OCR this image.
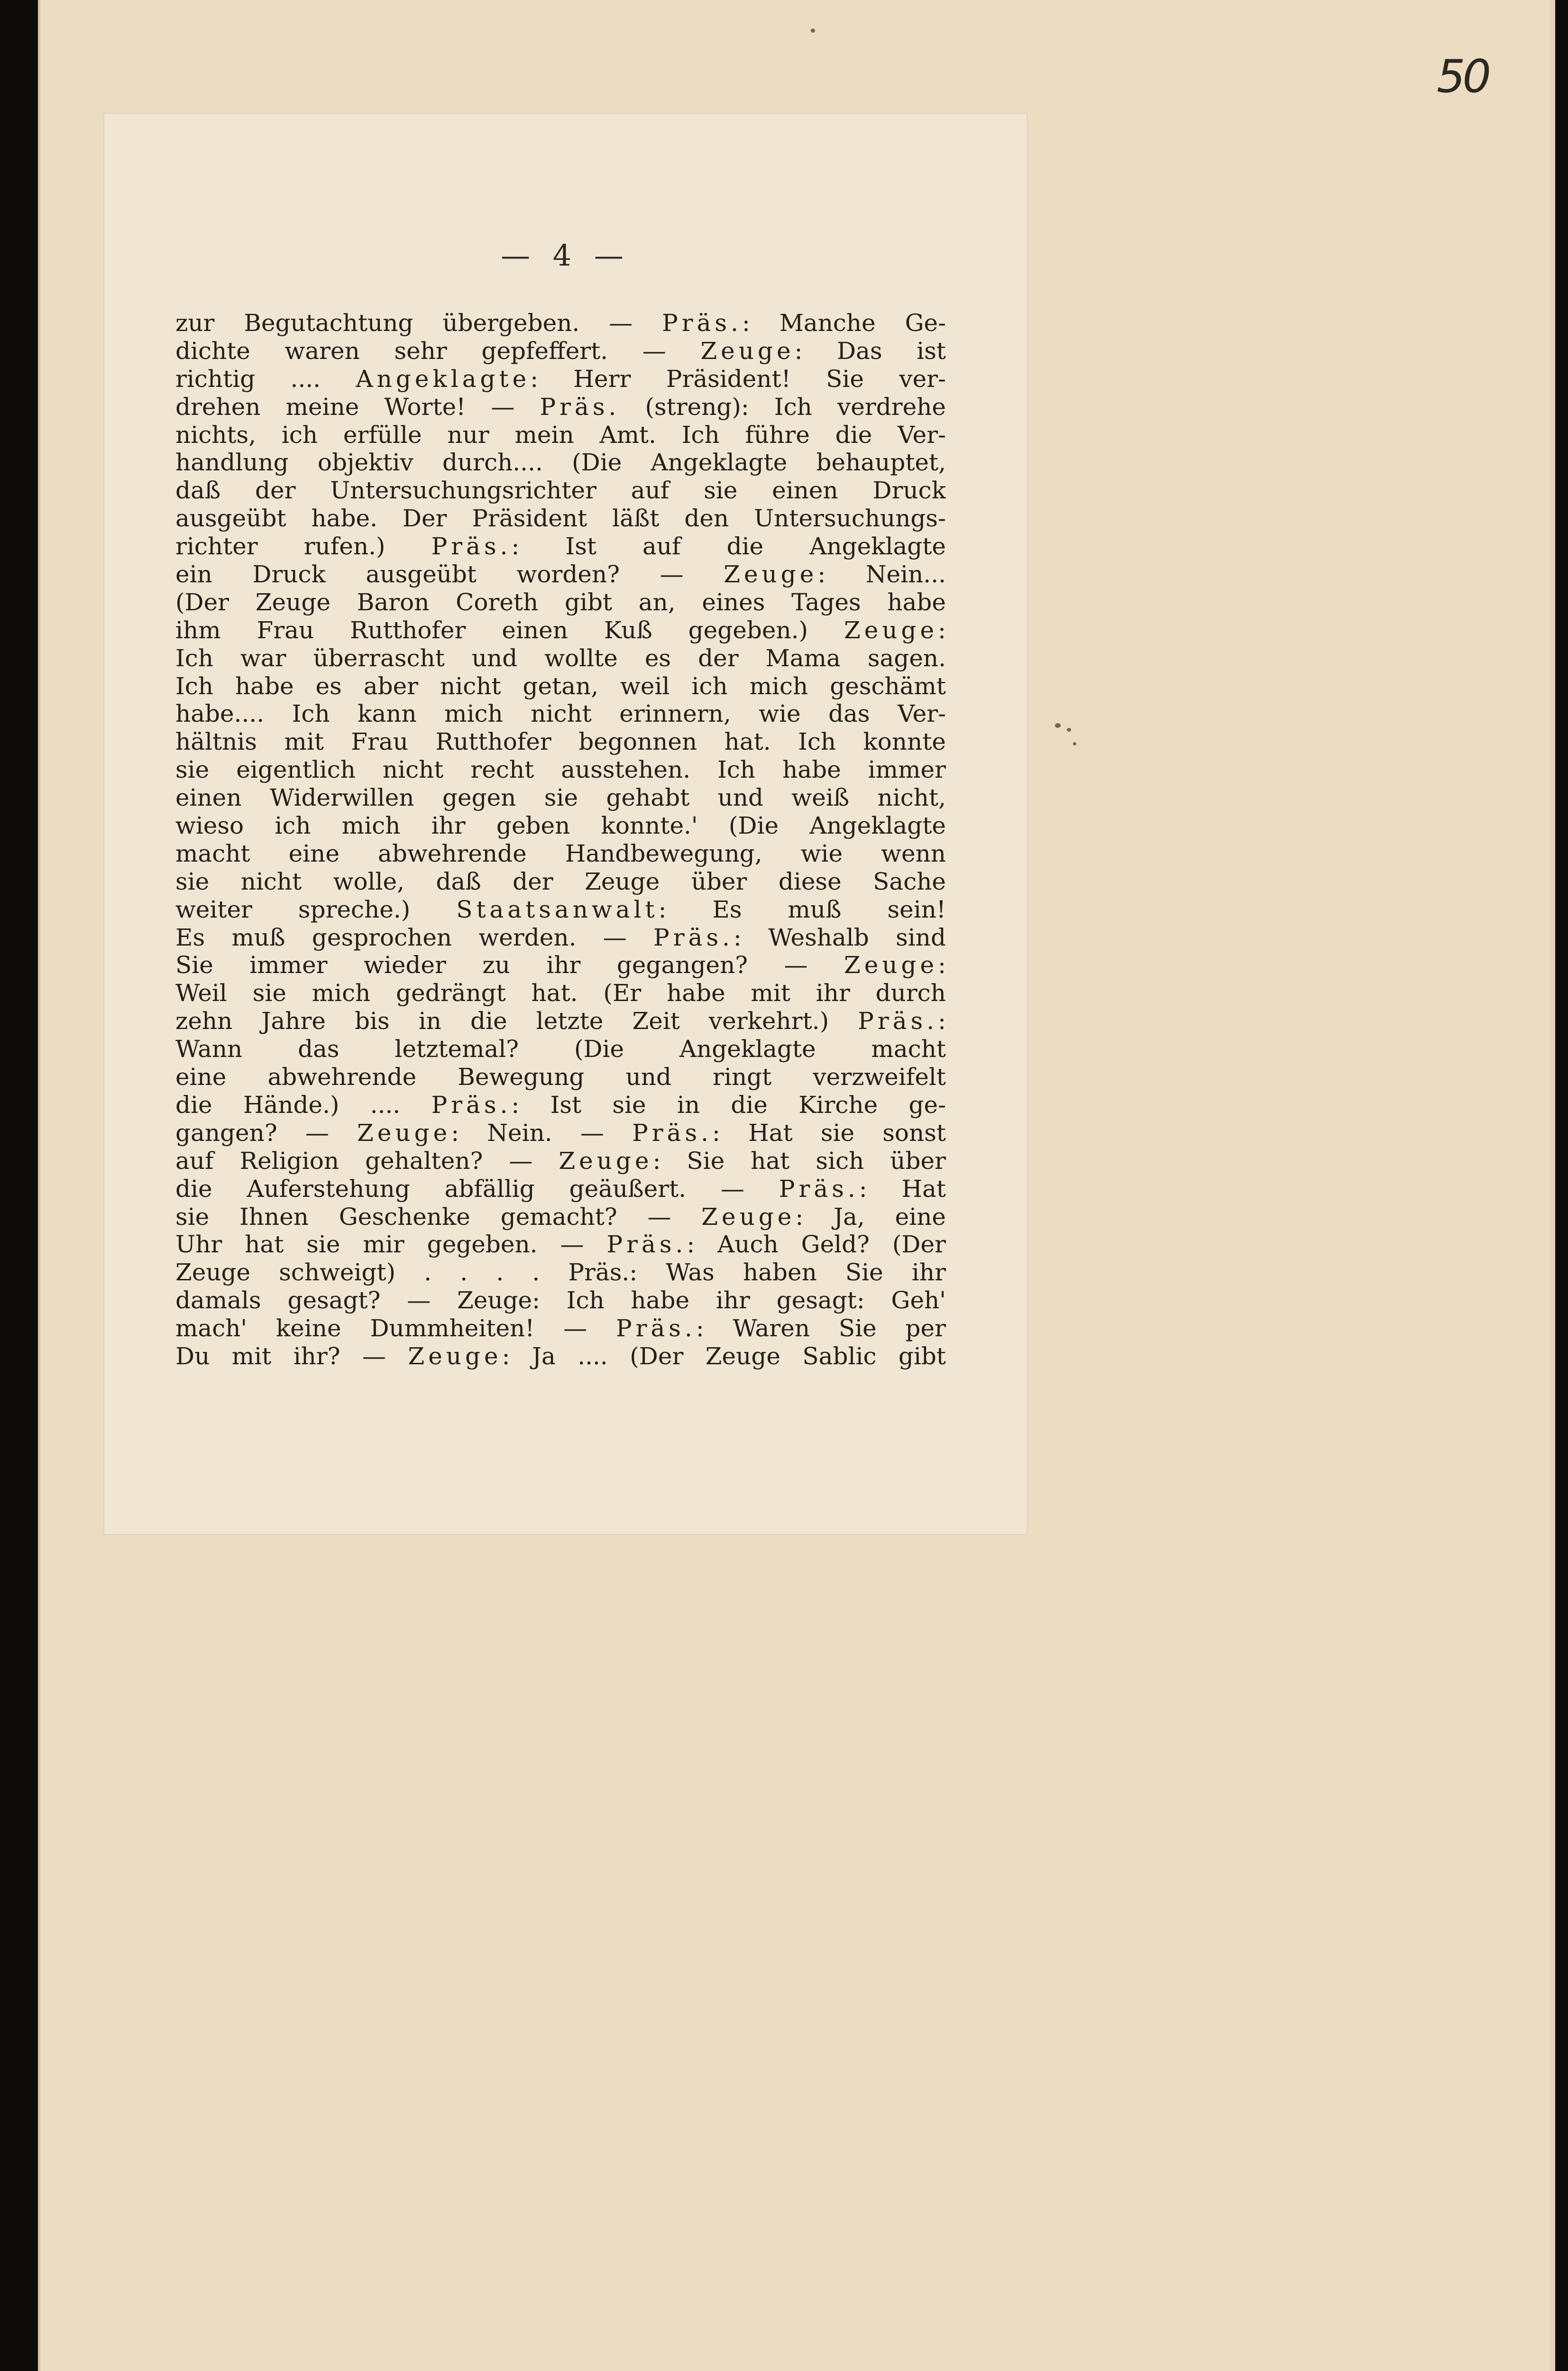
50
— 4 —
zur Begutachtung übergeben. — Präs.: Manche Ge-
dichte waren sehr gepfeffert. — Zeuge: Das ist
richtig .... Angeklagte: Herr Präsident! Sie ver-
drehen meine Worte! — Präs. (streng): Ich verdrehe
nichts, ich erfülle nur mein Amt. Ich führe die Ver-
handlung objektiv durch.... (Die Angeklagte behauptet,
daß der Untersuchungsrichter auf sie einen Druck
ausgeübt habe. Der Präsident läßt den Untersuchungs-
richter rufen.) Präs.: Ist auf die Angeklagte
ein Druck ausgeübt worden? — Zeuge: Nein...
(Der Zeuge Baron Coreth gibt an, eines Tages habe
ihm Frau Rutthofer einen Kuß gegeben.) Zeuge:
Ich war überrascht und wollte es der Mama sagen.
Ich habe es aber nicht getan, weil ich mich geschämt
habe.... Ich kann mich nicht erinnern, wie das Ver-
hältnis mit Frau Rutthofer begonnen hat. Ich konnte
sie eigentlich nicht recht ausstehen. Ich habe immer
einen Widerwillen gegen sie gehabt und weiß nicht,
wieso ich mich ihr geben konnte.' (Die Angeklagte
macht eine abwehrende Handbewegung, wie wenn
sie nicht wolle, daß der Zeuge über diese Sache
weiter spreche.) Staatsanwalt: Es muß sein!
Es muß gesprochen werden. — Präs.: Weshalb sind
Sie immer wieder zu ihr gegangen? — Zeuge:
Weil sie mich gedrängt hat. (Er habe mit ihr durch
zehn Jahre bis in die letzte Zeit verkehrt.) Präs.:
Wann das letztemal? (Die Angeklagte macht
eine abwehrende Bewegung und ringt verzweifelt
die Hände.) .... Präs.: Ist sie in die Kirche ge-
gangen? — Zeuge: Nein. — Präs.: Hat sie sonst
auf Religion gehalten? — Zeuge: Sie hat sich über
die Auferstehung abfällig geäußert. — Präs.: Hat
sie Ihnen Geschenke gemacht? — Zeuge: Ja, eine
Uhr hat sie mir gegeben. — Präs.: Auch Geld? (Der
Zeuge schweigt) . . . . Präs.: Was haben Sie ihr
damals gesagt? — Zeuge: Ich habe ihr gesagt: Geh'
mach' keine Dummheiten! — Präs.: Waren Sie per
Du mit ihr? — Zeuge: Ja .... (Der Zeuge Sablic gibt
